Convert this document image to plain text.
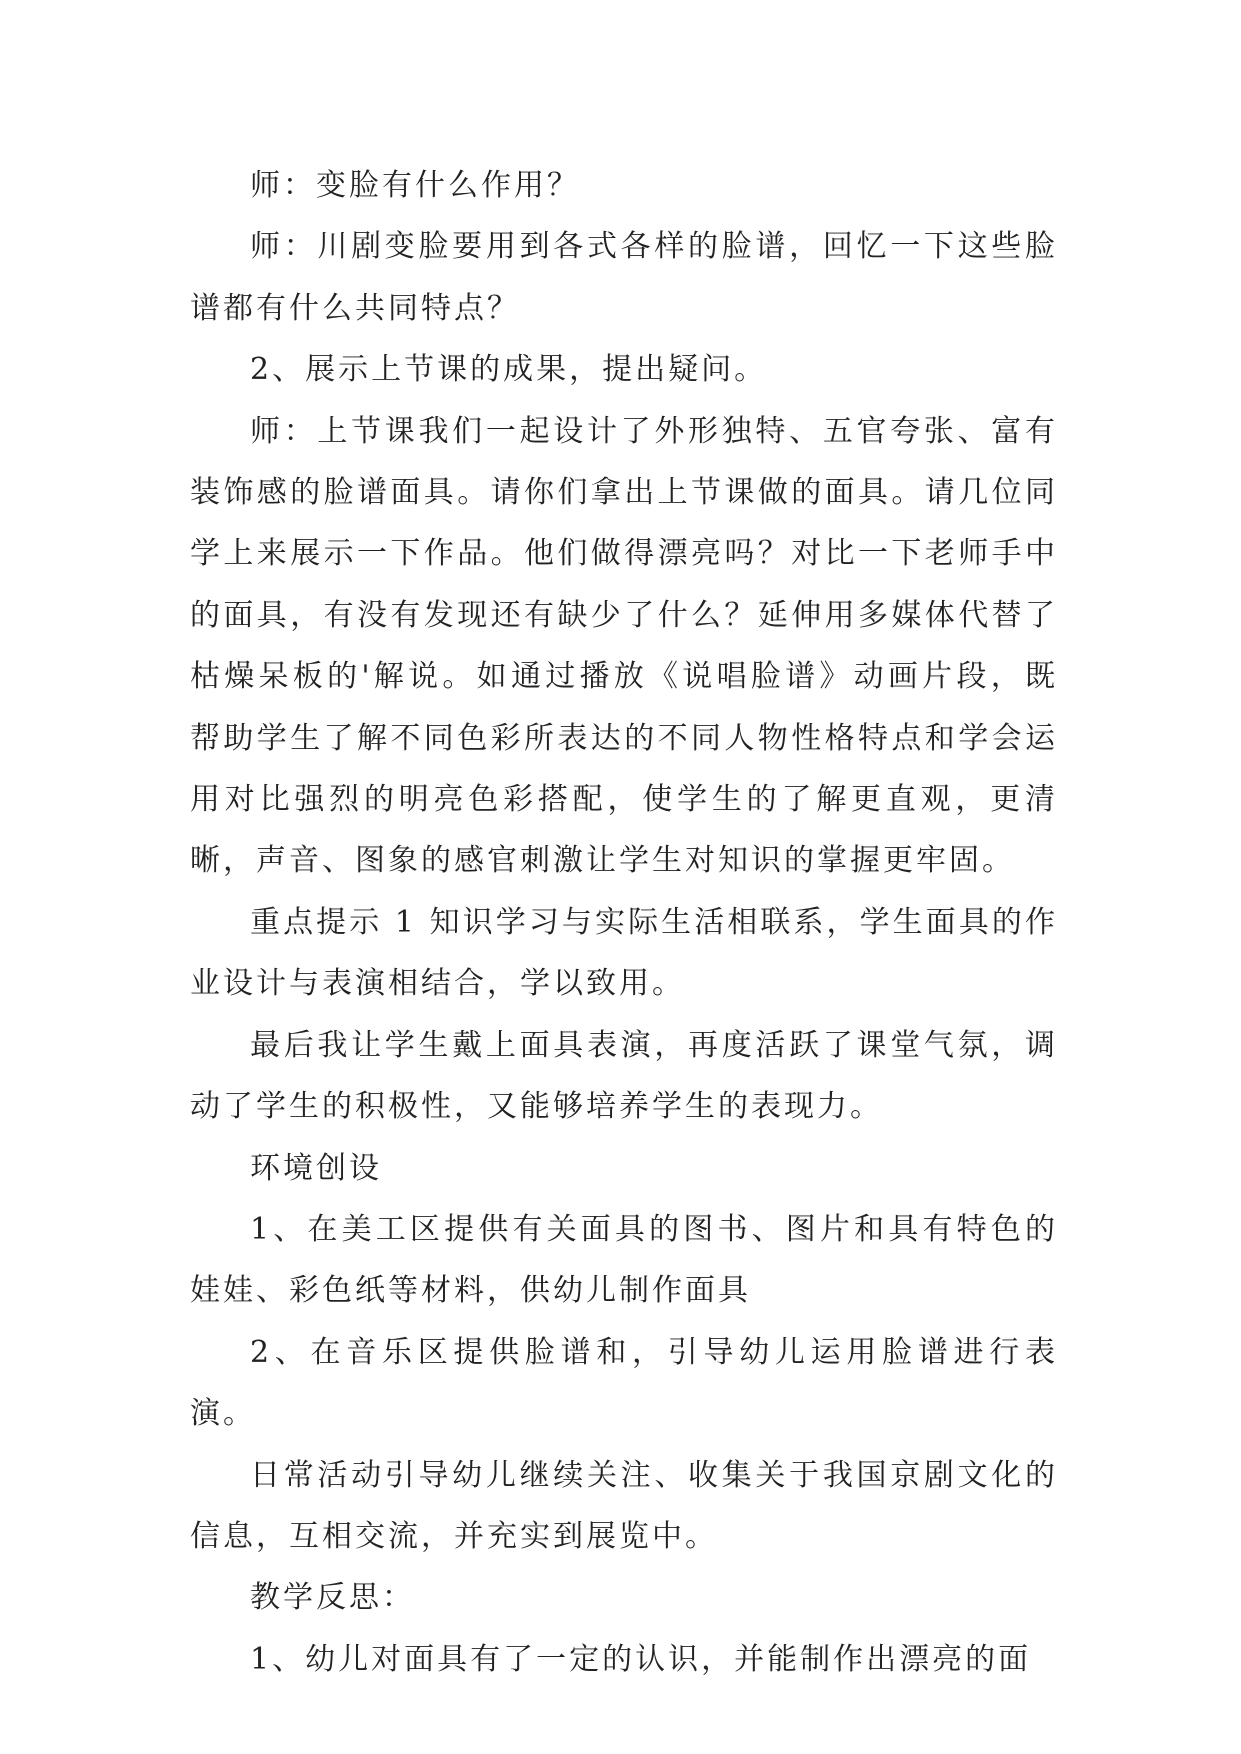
师：变脸有什么作用？

师：川剧变脸要用到各式各样的脸谱，回忆一下这些脸谱都有什么共同特点？

2、展示上节课的成果，提出疑问。

师：上节课我们一起设计了外形独特、五官夸张、富有装饰感的脸谱面具。请你们拿出上节课做的面具。请几位同学上来展示一下作品。他们做得漂亮吗？对比一下老师手中的面具，有没有发现还有缺少了什么？延伸用多媒体代替了枯燥呆板的'解说。如通过播放《说唱脸谱》动画片段，既帮助学生了解不同色彩所表达的不同人物性格特点和学会运用对比强烈的明亮色彩搭配，使学生的了解更直观，更清晰，声音、图象的感官刺激让学生对知识的掌握更牢固。

重点提示 1 知识学习与实际生活相联系，学生面具的作业设计与表演相结合，学以致用。

最后我让学生戴上面具表演，再度活跃了课堂气氛，调动了学生的积极性，又能够培养学生的表现力。

环境创设

1、在美工区提供有关面具的图书、图片和具有特色的娃娃、彩色纸等材料，供幼儿制作面具

2、在音乐区提供脸谱和，引导幼儿运用脸谱进行表演。

日常活动引导幼儿继续关注、收集关于我国京剧文化的信息，互相交流，并充实到展览中。

教学反思：

1、幼儿对面具有了一定的认识，并能制作出漂亮的面
